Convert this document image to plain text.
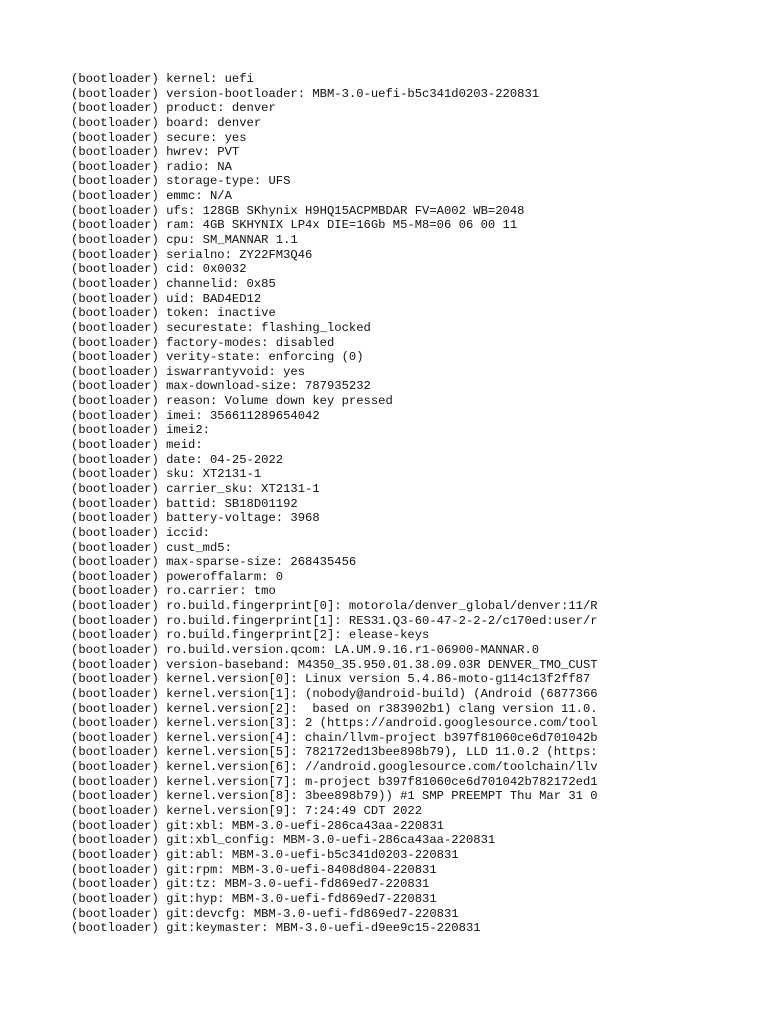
(bootloader) kernel: uefi
(bootloader) version-bootloader: MBM-3.0-uefi-b5c341d0203-220831
(bootloader) product: denver
(bootloader) board: denver
(bootloader) secure: yes
(bootloader) hwrev: PVT
(bootloader) radio: NA
(bootloader) storage-type: UFS
(bootloader) emmc: N/A
(bootloader) ufs: 128GB SKhynix H9HQ15ACPMBDAR FV=A002 WB=2048
(bootloader) ram: 4GB SKHYNIX LP4x DIE=16Gb M5-M8=06 06 00 11
(bootloader) cpu: SM_MANNAR 1.1
(bootloader) serialno: ZY22FM3Q46
(bootloader) cid: 0x0032
(bootloader) channelid: 0x85
(bootloader) uid: BAD4ED12
(bootloader) token: inactive
(bootloader) securestate: flashing_locked
(bootloader) factory-modes: disabled
(bootloader) verity-state: enforcing (0)
(bootloader) iswarrantyvoid: yes
(bootloader) max-download-size: 787935232
(bootloader) reason: Volume down key pressed
(bootloader) imei: 356611289654042
(bootloader) imei2:
(bootloader) meid:
(bootloader) date: 04-25-2022
(bootloader) sku: XT2131-1
(bootloader) carrier_sku: XT2131-1
(bootloader) battid: SB18D01192
(bootloader) battery-voltage: 3968
(bootloader) iccid:
(bootloader) cust_md5:
(bootloader) max-sparse-size: 268435456
(bootloader) poweroffalarm: 0
(bootloader) ro.carrier: tmo
(bootloader) ro.build.fingerprint[0]: motorola/denver_global/denver:11/R
(bootloader) ro.build.fingerprint[1]: RES31.Q3-60-47-2-2-2/c170ed:user/r
(bootloader) ro.build.fingerprint[2]: elease-keys
(bootloader) ro.build.version.qcom: LA.UM.9.16.r1-06900-MANNAR.0
(bootloader) version-baseband: M4350_35.950.01.38.09.03R DENVER_TMO_CUST
(bootloader) kernel.version[0]: Linux version 5.4.86-moto-g114c13f2ff87
(bootloader) kernel.version[1]: (nobody@android-build) (Android (6877366
(bootloader) kernel.version[2]:  based on r383902b1) clang version 11.0.
(bootloader) kernel.version[3]: 2 (https://android.googlesource.com/tool
(bootloader) kernel.version[4]: chain/llvm-project b397f81060ce6d701042b
(bootloader) kernel.version[5]: 782172ed13bee898b79), LLD 11.0.2 (https:
(bootloader) kernel.version[6]: //android.googlesource.com/toolchain/llv
(bootloader) kernel.version[7]: m-project b397f81060ce6d701042b782172ed1
(bootloader) kernel.version[8]: 3bee898b79)) #1 SMP PREEMPT Thu Mar 31 0
(bootloader) kernel.version[9]: 7:24:49 CDT 2022
(bootloader) git:xbl: MBM-3.0-uefi-286ca43aa-220831
(bootloader) git:xbl_config: MBM-3.0-uefi-286ca43aa-220831
(bootloader) git:abl: MBM-3.0-uefi-b5c341d0203-220831
(bootloader) git:rpm: MBM-3.0-uefi-8408d804-220831
(bootloader) git:tz: MBM-3.0-uefi-fd869ed7-220831
(bootloader) git:hyp: MBM-3.0-uefi-fd869ed7-220831
(bootloader) git:devcfg: MBM-3.0-uefi-fd869ed7-220831
(bootloader) git:keymaster: MBM-3.0-uefi-d9ee9c15-220831
